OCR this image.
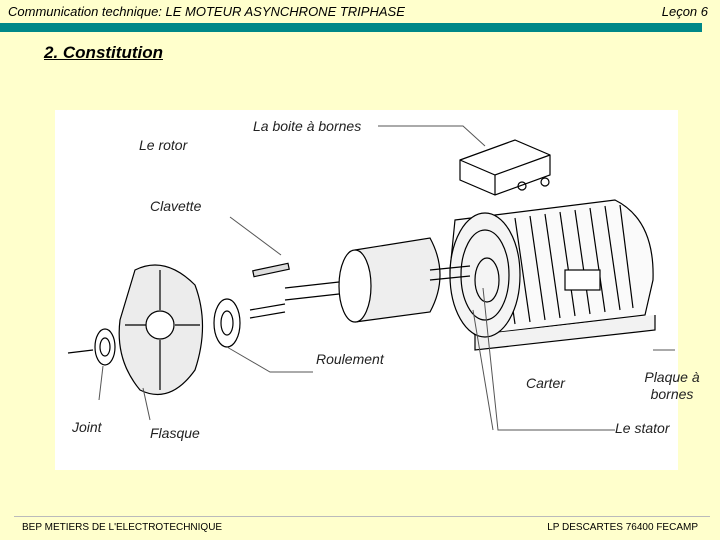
Communication technique: LE MOTEUR ASYNCHRONE TRIPHASE	Leçon 6
2. Constitution
La boite à bornes
Le rotor
Clavette
Roulement
Carter	Plaque à bornes
Joint	Flasque	Le stator
BEP METIERS DE L'ELECTROTECHNIQUE	LP DESCARTES 76400 FECAMP
